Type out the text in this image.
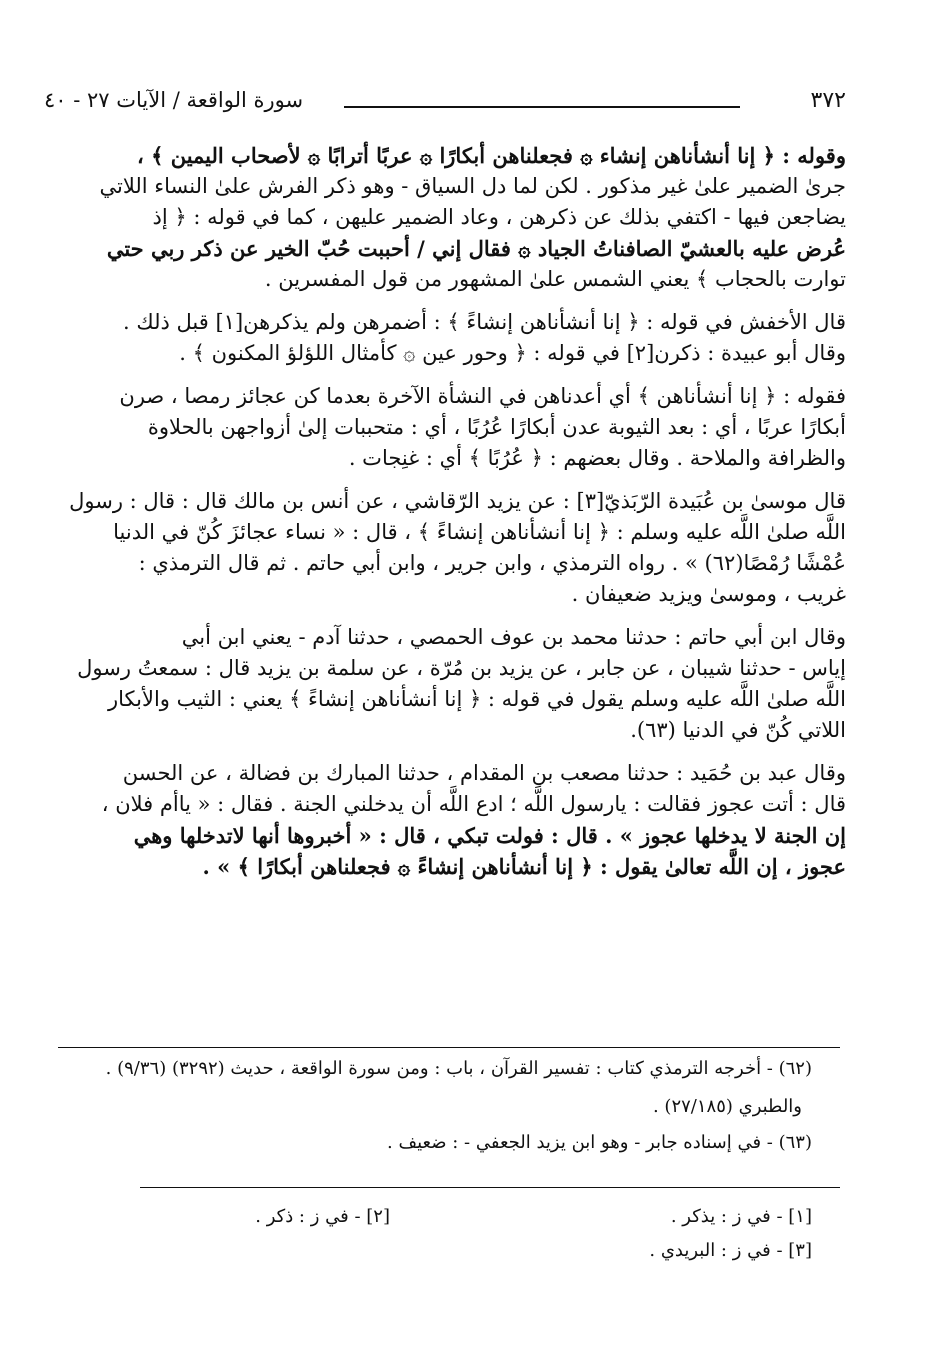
٣٧٢
سورة الواقعة / الآيات ٢٧ - ٤٠

وقوله : ﴿ إنا أنشأناهن إنشاء ۞ فجعلناهن أبكارًا ۞ عربًا أترابًا ۞ لأصحاب اليمين ﴾ ،

جرىٰ الضمير علىٰ غير مذكور . لكن لما دل السياق - وهو ذكر الفرش علىٰ النساء اللاتي

يضاجعن فيها - اكتفي بذلك عن ذكرهن ، وعاد الضمير عليهن ، كما في قوله : ﴿ إذ

عُرض عليه بالعشيّ الصافناتُ الجياد ۞ فقال إني / أحببت حُبّ الخير عن ذكر ربي حتي

توارت بالحجاب ﴾ يعني الشمس علىٰ المشهور من قول المفسرين .

قال الأخفش في قوله : ﴿ إنا أنشأناهن إنشاءً ﴾ : أضمرهن ولم يذكرهن[١] قبل ذلك .

وقال أبو عبيدة : ذكرن[٢] في قوله : ﴿ وحور عين ۞ كأمثال اللؤلؤ المكنون ﴾ .

فقوله : ﴿ إنا أنشأناهن ﴾ أي أعدناهن في النشأة الآخرة بعدما كن عجائز رمصا ، صرن

أبكارًا عربًا ، أي : بعد الثيوبة عدن أبكارًا عُرُبًا ، أي : متحببات إلىٰ أزواجهن بالحلاوة

والظرافة والملاحة . وقال بعضهم : ﴿ عُرُبًا ﴾ أي : غنِجات .

قال موسىٰ بن عُبَيدة الرّبَذيّ[٣] : عن يزيد الرّقاشي ، عن أنس بن مالك قال : قال : رسول

اللَّه صلىٰ اللَّه عليه وسلم : ﴿ إنا أنشأناهن إنشاءً ﴾ ، قال : « نساء عجائزَ كُنّ في الدنيا

عُمْشًا رُمْصًا(٦٢) » . رواه الترمذي ، وابن جرير ، وابن أبي حاتم . ثم قال الترمذي :

غريب ، وموسىٰ ويزيد ضعيفان .

وقال ابن أبي حاتم : حدثنا محمد بن عوف الحمصي ، حدثنا آدم - يعني ابن أبي

إياس - حدثنا شيبان ، عن جابر ، عن يزيد بن مُرّة ، عن سلمة بن يزيد قال : سمعتُ رسول

اللَّه صلىٰ اللَّه عليه وسلم يقول في قوله : ﴿ إنا أنشأناهن إنشاءً ﴾ يعني : الثيب والأبكار

اللاتي كُنّ في الدنيا (٦٣).

وقال عبد بن حُمَيد : حدثنا مصعب بن المقدام ، حدثنا المبارك بن فضالة ، عن الحسن

قال : أتت عجوز فقالت : يارسول اللَّه ؛ ادع اللَّه أن يدخلني الجنة . فقال : « ياأم فلان ،

إن الجنة لا يدخلها عجوز » . قال : فولت تبكي ، قال : « أخبروها أنها لاتدخلها وهي

عجوز ، إن اللَّه تعالىٰ يقول : ﴿ إنا أنشأناهن إنشاءً ۞ فجعلناهن أبكارًا ﴾ » .

(٦٢) - أخرجه الترمذي كتاب : تفسير القرآن ، باب : ومن سورة الواقعة ، حديث (٣٢٩٢) (٩/٣٦) .
والطبري (٢٧/١٨٥) .
(٦٣) - في إسناده جابر - وهو ابن يزيد الجعفي - : ضعيف .
[١] - في ز : يذكر .
[٢] - في ز : ذكر .
[٣] - في ز : البريدي .
